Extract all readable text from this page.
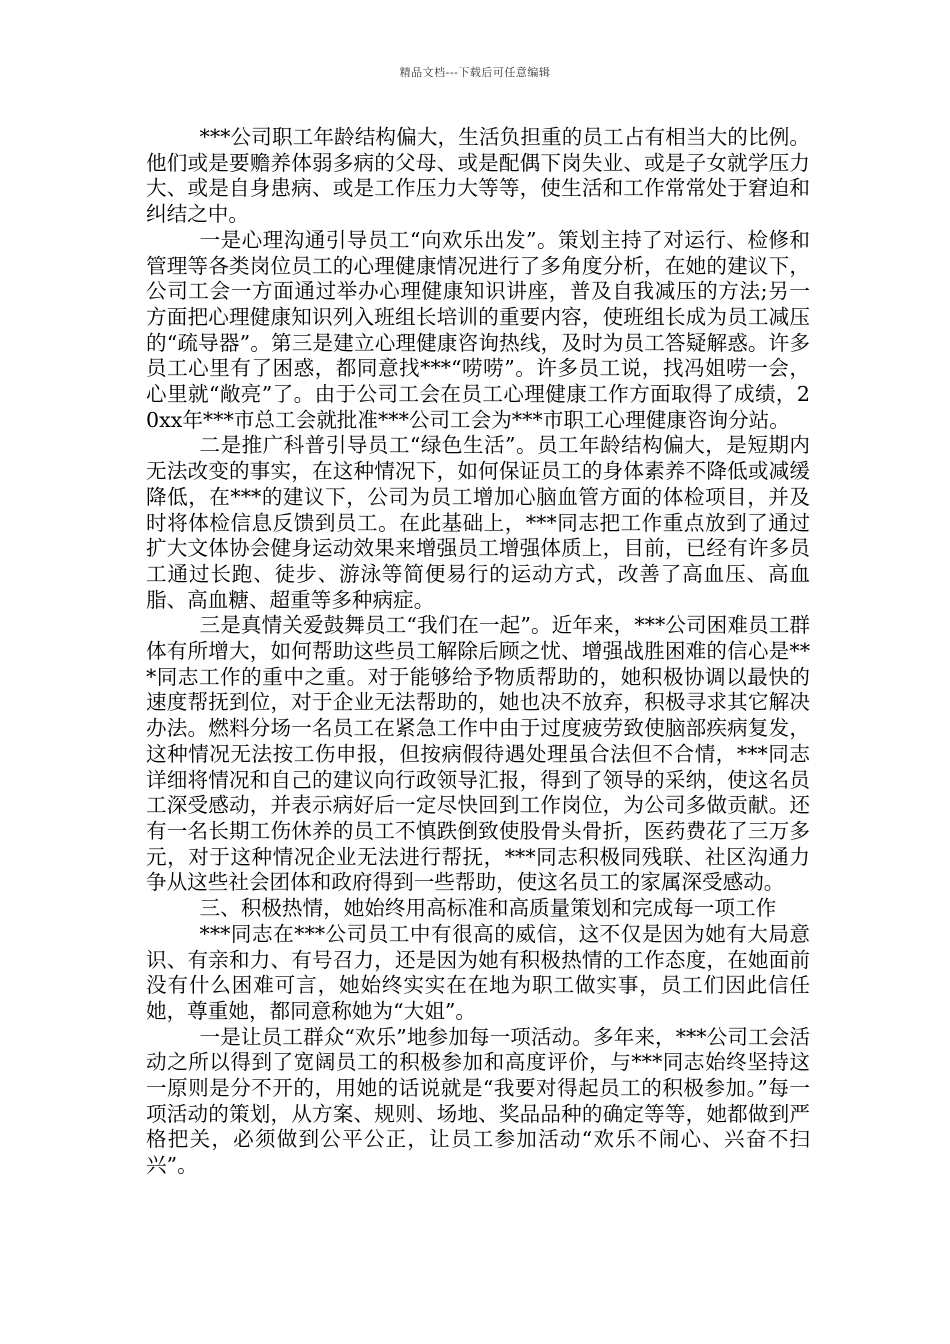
精品文档---下载后可任意编辑

***公司职工年龄结构偏大，生活负担重的员工占有相当大的比例。他们或是要赡养体弱多病的父母、或是配偶下岗失业、或是子女就学压力大、或是自身患病、或是工作压力大等等，使生活和工作常常处于窘迫和纠结之中。

一是心理沟通引导员工“向欢乐出发”。策划主持了对运行、检修和管理等各类岗位员工的心理健康情况进行了多角度分析，在她的建议下，公司工会一方面通过举办心理健康知识讲座，普及自我减压的方法;另一方面把心理健康知识列入班组长培训的重要内容，使班组长成为员工减压的“疏导器”。第三是建立心理健康咨询热线，及时为员工答疑解惑。许多员工心里有了困惑，都同意找***“唠唠”。许多员工说，找冯姐唠一会，心里就“敞亮”了。由于公司工会在员工心理健康工作方面取得了成绩，20xx年***市总工会就批准***公司工会为***市职工心理健康咨询分站。

二是推广科普引导员工“绿色生活”。员工年龄结构偏大，是短期内无法改变的事实，在这种情况下，如何保证员工的身体素养不降低或减缓降低，在***的建议下，公司为员工增加心脑血管方面的体检项目，并及时将体检信息反馈到员工。在此基础上，***同志把工作重点放到了通过扩大文体协会健身运动效果来增强员工增强体质上，目前，已经有许多员工通过长跑、徒步、游泳等简便易行的运动方式，改善了高血压、高血脂、高血糖、超重等多种病症。

三是真情关爱鼓舞员工“我们在一起”。近年来，***公司困难员工群体有所增大，如何帮助这些员工解除后顾之忧、增强战胜困难的信心是***同志工作的重中之重。对于能够给予物质帮助的，她积极协调以最快的速度帮抚到位，对于企业无法帮助的，她也决不放弃，积极寻求其它解决办法。燃料分场一名员工在紧急工作中由于过度疲劳致使脑部疾病复发，这种情况无法按工伤申报，但按病假待遇处理虽合法但不合情，***同志详细将情况和自己的建议向行政领导汇报，得到了领导的采纳，使这名员工深受感动，并表示病好后一定尽快回到工作岗位，为公司多做贡献。还有一名长期工伤休养的员工不慎跌倒致使股骨头骨折，医药费花了三万多元，对于这种情况企业无法进行帮抚，***同志积极同残联、社区沟通力争从这些社会团体和政府得到一些帮助，使这名员工的家属深受感动。

三、积极热情，她始终用高标准和高质量策划和完成每一项工作

***同志在***公司员工中有很高的威信，这不仅是因为她有大局意识、有亲和力、有号召力，还是因为她有积极热情的工作态度，在她面前没有什么困难可言，她始终实实在在地为职工做实事，员工们因此信任她，尊重她，都同意称她为“大姐”。

一是让员工群众“欢乐”地参加每一项活动。多年来，***公司工会活动之所以得到了宽阔员工的积极参加和高度评价，与***同志始终坚持这一原则是分不开的，用她的话说就是“我要对得起员工的积极参加。”每一项活动的策划，从方案、规则、场地、奖品品种的确定等等，她都做到严格把关，必须做到公平公正，让员工参加活动“欢乐不闹心、兴奋不扫兴”。
